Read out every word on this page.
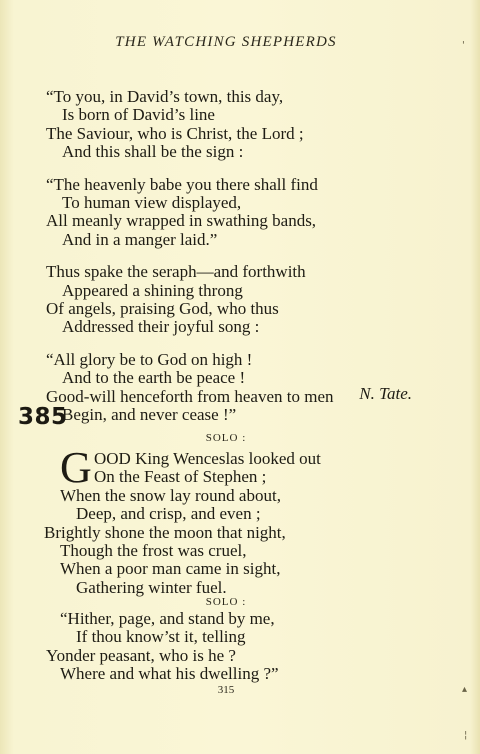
THE WATCHING SHEPHERDS
“To you, in David’s town, this day,
Is born of David’s line
The Saviour, who is Christ, the Lord ;
And this shall be the sign :
“The heavenly babe you there shall find
To human view displayed,
All meanly wrapped in swathing bands,
And in a manger laid.”
Thus spake the seraph—and forthwith
Appeared a shining throng
Of angels, praising God, who thus
Addressed their joyful song :
“All glory be to God on high !
And to the earth be peace !
Good-will henceforth from heaven to men
Begin, and never cease !”
N. Tate.
385
SOLO :
G OOD King Wenceslas looked out
On the Feast of Stephen ;
When the snow lay round about,
Deep, and crisp, and even ;
Brightly shone the moon that night,
Though the frost was cruel,
When a poor man came in sight,
Gathering winter fuel.
SOLO :
“Hither, page, and stand by me,
If thou know’st it, telling
Yonder peasant, who is he ?
Where and what his dwelling ?”
315
'
▴
¦
